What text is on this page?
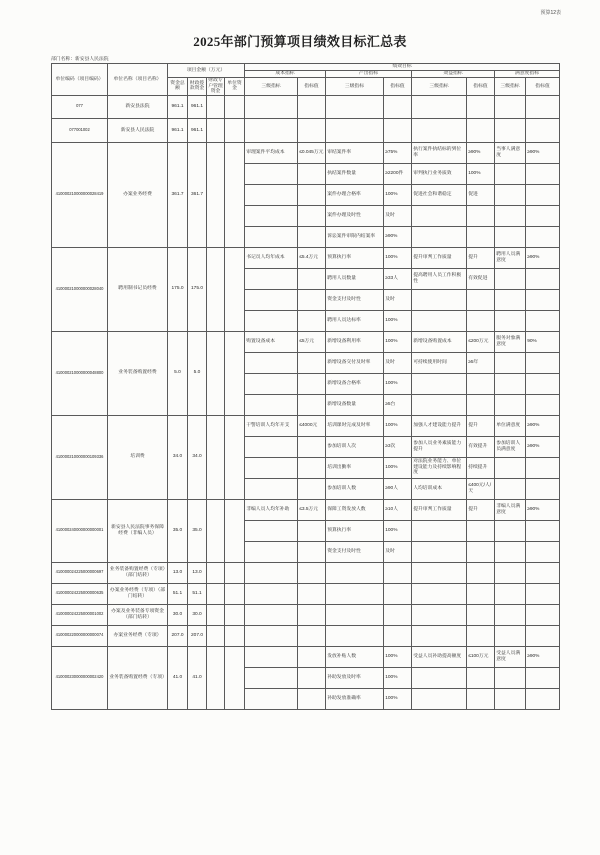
预算12表
2025年部门预算项目绩效目标汇总表
部门名称：新安县人民法院
单位编码（项目编码）	单位名称（项目名称）	项目金额（万元）				绩效目标							
						成本指标		产出指标		效益指标		满意度指标	
		资金总额	财政拨款资金	财政专户管理资金	单位资金	三级指标	指标值	三级指标	指标值	三级指标	指标值	三级指标	指标值
077	新安县法院	961.1	961.1										
077001002	新安县人民法院	961.1	961.1										
410000210000000028419	办案业务经费	361.7	361.7			审理案件平均成本	≤0.045万元	审结案件率	≥75%	执行案件执结标的到位率	≥90%	当事人满意度	≥90%
								执结案件数量	≥2200件	审判执行业务质效	100%		
								案件办理合格率	100%	促进社会和谐稳定	促进		
								案件办理及时性	及时				
								诉讼案件审限内结案率	≥90%				
410000210000000028040	聘用制书记员经费	175.0	175.0			书记员人均年成本	≤5.4万元	预算执行率	100%	提升审判工作质量	提升	聘用人员满意度	≥90%
								聘用人员数量	≥33人	提高聘用人员工作积极性	有效促进		
								资金支付及时性	及时				
								聘用人员达标率	100%				
410000210000000048800	业务装备购置经费	5.0	5.0			购置设备成本	≤5万元	新增设备利用率	100%	新增设备购置成本	≤200万元	服务对象满意度	90%
								新增设备交付及时率	及时	可持续使用时间	≥5年		
								新增设备合格率	100%				
								新增设备数量	≥5台				
410000210000000109336	培训费	34.0	34.0			干警培训人均年开支	≤4000元	培训课时完成及时率	100%	加强人才建设能力提升	提升	单位满意度	≥90%
								参加培训人次	≥3次	参加人员业务素质能力提升	有效提升	参加培训人员满意度	≥90%
								培训出勤率	100%	对法院业务能力、单位建设能力及持续影响程度	持续提升		
								参加培训人数	≥90人	人均培训成本	≤400元/人/天		
410000240000000000001	新安县人民法院事务保障经费（非编人员）	35.0	35.0			非编人员人均年补助	≤3.5万元	保障工资发放人数	≥10人	提升审判工作质量	提升	非编人员满意度	≥90%
								预算执行率	100%				
								资金支付及时性	及时				
410000024225000000697	业务装备购置经费（专项）（部门结转）	13.0	13.0										
410000024225000000635	办案业务经费（专项）（部门结转）	51.1	51.1										
410000024225000001002	办案及业务装备专项资金（部门结转）	30.0	30.0										
410000220000000000074	办案业务经费（专项）	207.0	207.0										
410000230000000002420	业务装备购置经费（专项）	41.0	41.0					发放补贴人数	100%	受益人员补助提高额度	≤100万元	受益人员满意度	≥90%
								补助发放及时率	100%				
								补助发放准确率	100%				
